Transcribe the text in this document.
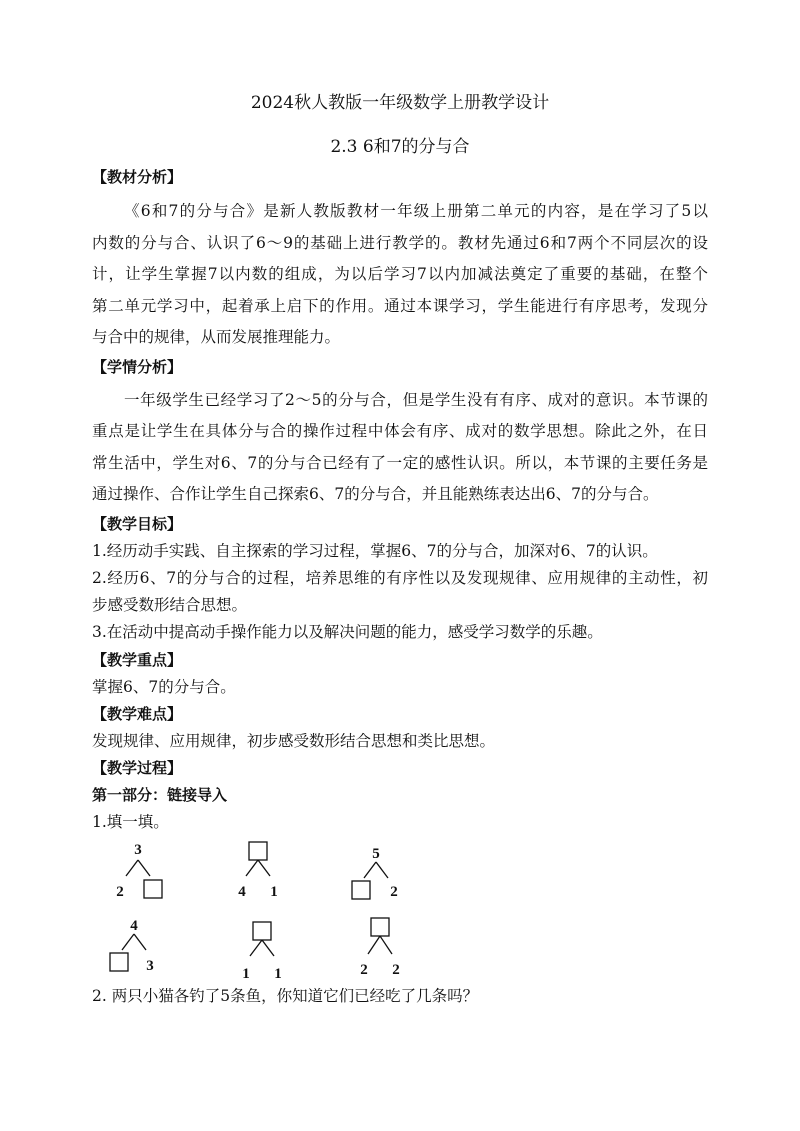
2024秋人教版一年级数学上册教学设计
2.3 6和7的分与合
【教材分析】
《6和7的分与合》是新人教版教材一年级上册第二单元的内容，是在学习了5以
内数的分与合、认识了6～9的基础上进行教学的。教材先通过6和7两个不同层次的设
计，让学生掌握7以内数的组成，为以后学习7以内加减法奠定了重要的基础，在整个
第二单元学习中，起着承上启下的作用。通过本课学习，学生能进行有序思考，发现分
与合中的规律，从而发展推理能力。
【学情分析】
一年级学生已经学习了2～5的分与合，但是学生没有有序、成对的意识。本节课的
重点是让学生在具体分与合的操作过程中体会有序、成对的数学思想。除此之外，在日
常生活中，学生对6、7的分与合已经有了一定的感性认识。所以，本节课的主要任务是
通过操作、合作让学生自己探索6、7的分与合，并且能熟练表达出6、7的分与合。
【教学目标】
1.经历动手实践、自主探索的学习过程，掌握6、7的分与合，加深对6、7的认识。
2.经历6、7的分与合的过程，培养思维的有序性以及发现规律、应用规律的主动性，初
步感受数形结合思想。
3.在活动中提高动手操作能力以及解决问题的能力，感受学习数学的乐趣。
【教学重点】
掌握6、7的分与合。
【教学难点】
发现规律、应用规律，初步感受数形结合思想和类比思想。
【教学过程】
第一部分：链接导入
1.填一填。
3
2	4 1
5
2
4
3	1 1	2 2
2. 两只小猫各钓了5条鱼，你知道它们已经吃了几条吗？
